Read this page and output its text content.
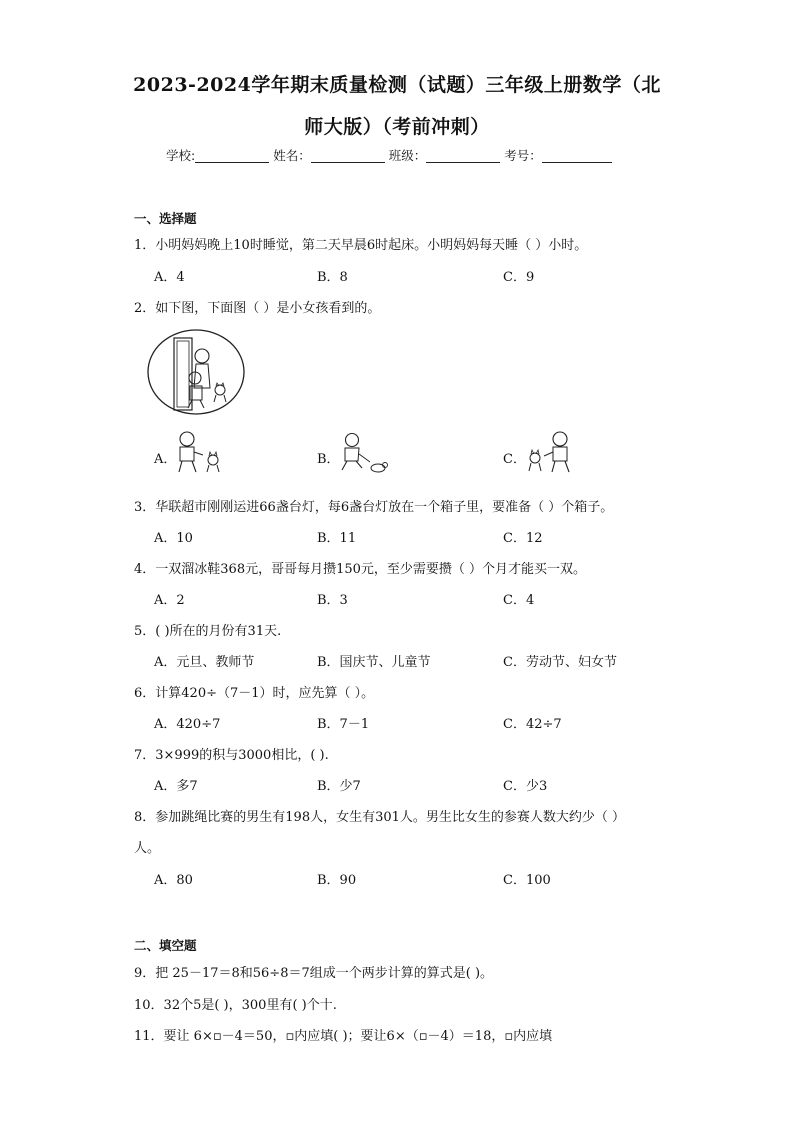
2023-2024学年期末质量检测（试题）三年级上册数学（北
师大版）（考前冲刺）
学校:	姓名：	班级：	考号：
一、选择题
1．小明妈妈晚上10时睡觉，第二天早晨6时起床。小明妈妈每天睡（ ）小时。
A．4	B．8	C．9
2．如下图，下面图（ ）是小女孩看到的。
A．	B．	C．
3．华联超市刚刚运进66盏台灯，每6盏台灯放在一个箱子里，要准备（ ）个箱子。
A．10	B．11	C．12
4．一双溜冰鞋368元，哥哥每月攒150元，至少需要攒（ ）个月才能买一双。
A．2	B．3	C．4
5．( )所在的月份有31天.
A．元旦、教师节	B．国庆节、儿童节	C．劳动节、妇女节
6．计算420÷（7－1）时，应先算（ ）。
A．420÷7	B．7－1	C．42÷7
7．3×999的积与3000相比，( ).
A．多7	B．少7	C．少3
8．参加跳绳比赛的男生有198人，女生有301人。男生比女生的参赛人数大约少（ ）
人。
A．80	B．90	C．100
二、填空题
9．把 25－17＝8和56÷8＝7组成一个两步计算的算式是( )。
10．32个5是( )，300里有( )个十.
11．要让 6×▫－4＝50，▫内应填( )；要让6×（▫－4）＝18，▫内应填
